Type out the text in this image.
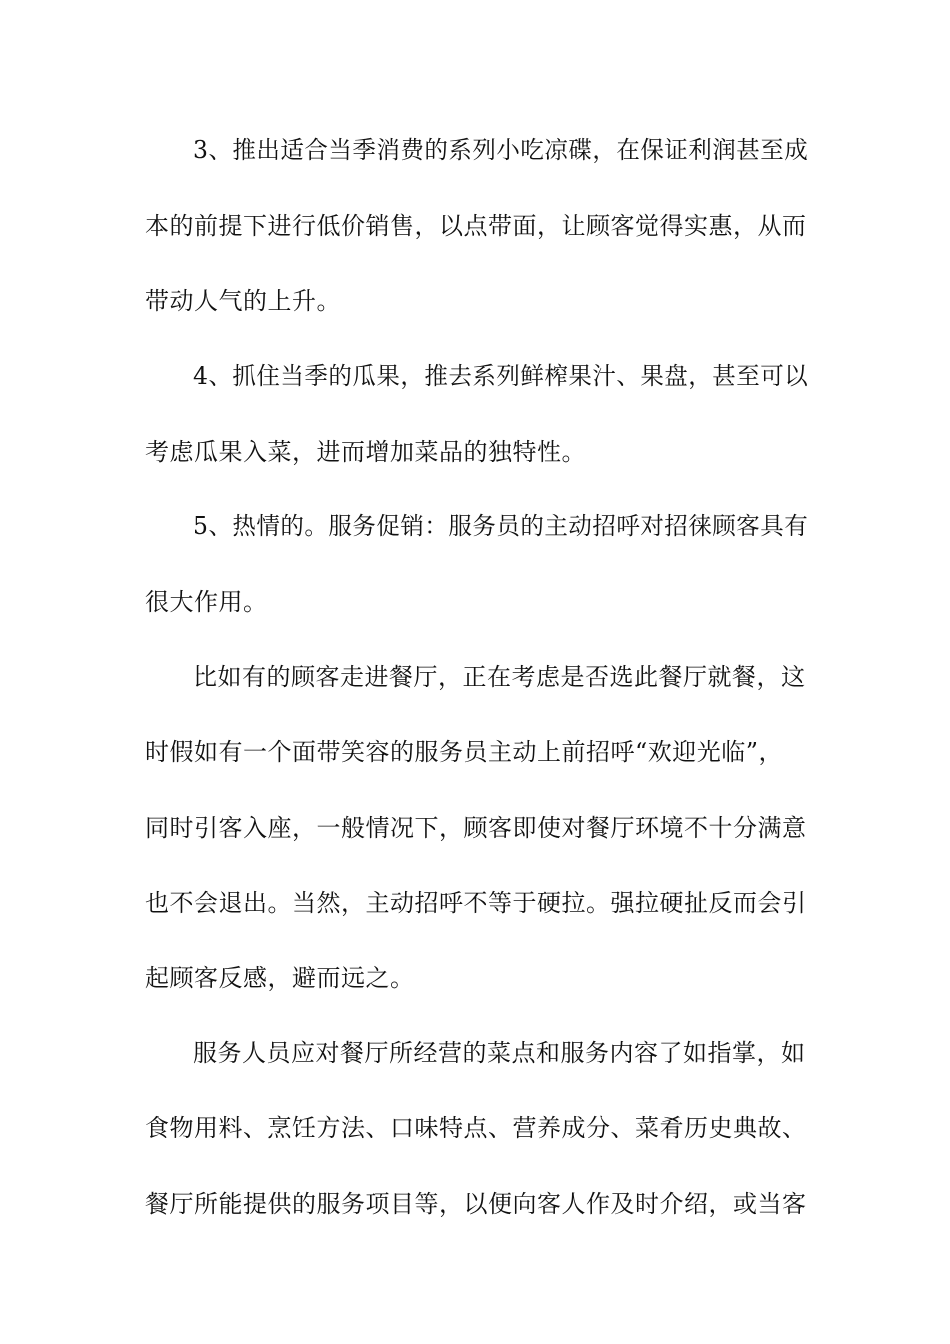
3、推出适合当季消费的系列小吃凉碟，在保证利润甚至成
本的前提下进行低价销售，以点带面，让顾客觉得实惠，从而
带动人气的上升。
4、抓住当季的瓜果，推去系列鲜榨果汁、果盘，甚至可以
考虑瓜果入菜，进而增加菜品的独特性。
5、热情的。服务促销：服务员的主动招呼对招徕顾客具有
很大作用。
比如有的顾客走进餐厅，正在考虑是否选此餐厅就餐，这
时假如有一个面带笑容的服务员主动上前招呼“欢迎光临”，
同时引客入座，一般情况下，顾客即使对餐厅环境不十分满意
也不会退出。当然，主动招呼不等于硬拉。强拉硬扯反而会引
起顾客反感，避而远之。
服务人员应对餐厅所经营的菜点和服务内容了如指掌，如
食物用料、烹饪方法、口味特点、营养成分、菜肴历史典故、
餐厅所能提供的服务项目等，以便向客人作及时介绍，或当客
